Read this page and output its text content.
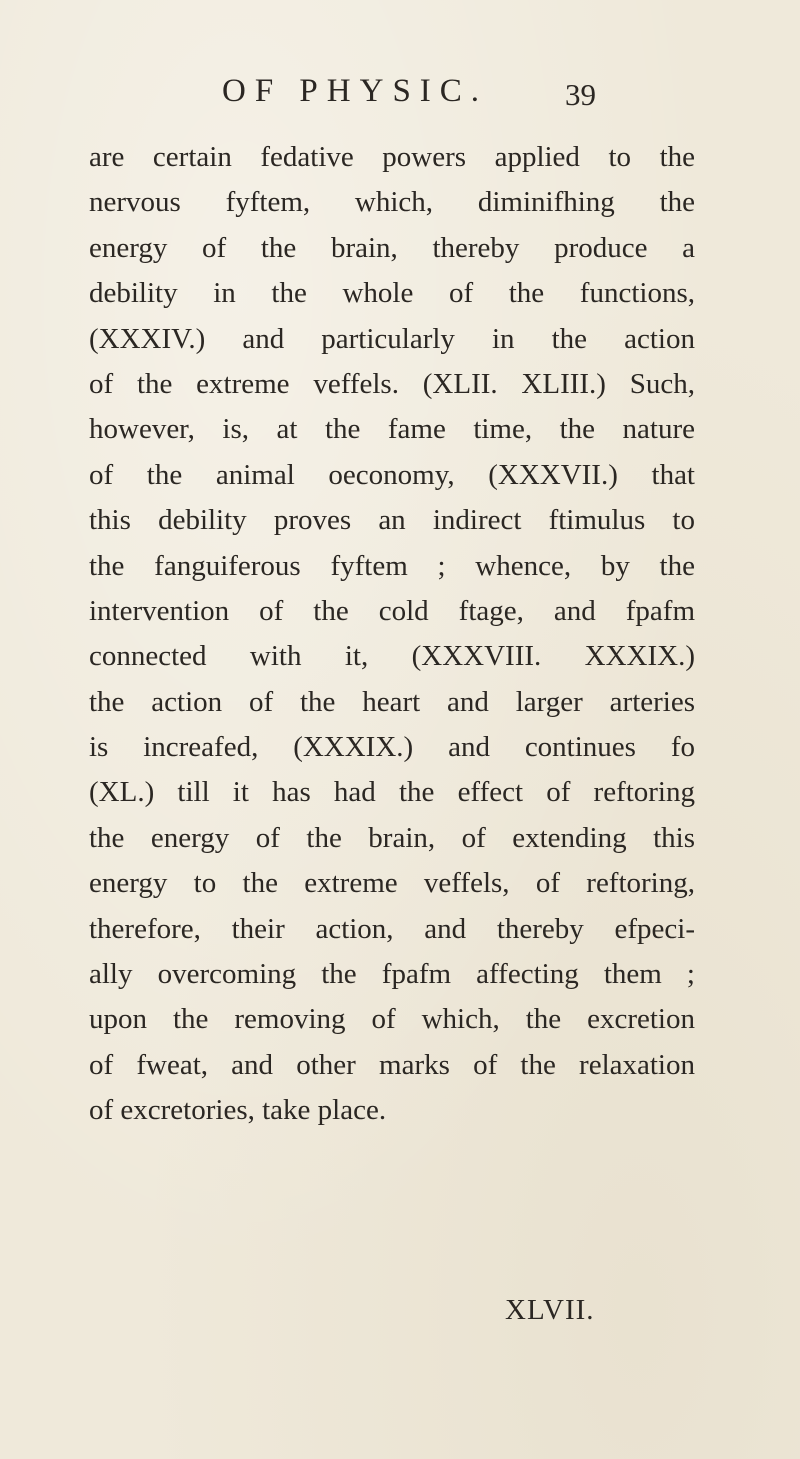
OF PHYSIC. 39

are certain fedative powers applied to the
nervous fyftem, which, diminifhing the
energy of the brain, thereby produce a
debility in the whole of the functions,
(XXXIV.) and particularly in the action
of the extreme veffels. (XLII. XLIII.) Such,
however, is, at the fame time, the nature
of the animal oeconomy, (XXXVII.) that
this debility proves an indirect ftimulus to
the fanguiferous fyftem ; whence, by the
intervention of the cold ftage, and fpafm
connected with it, (XXXVIII. XXXIX.)
the action of the heart and larger arteries
is increafed, (XXXIX.) and continues fo
(XL.) till it has had the effect of reftoring
the energy of the brain, of extending this
energy to the extreme veffels, of reftoring,
therefore, their action, and thereby efpeci-
ally overcoming the fpafm affecting them ;
upon the removing of which, the excretion
of fweat, and other marks of the relaxation
of excretories, take place.

XLVII.
